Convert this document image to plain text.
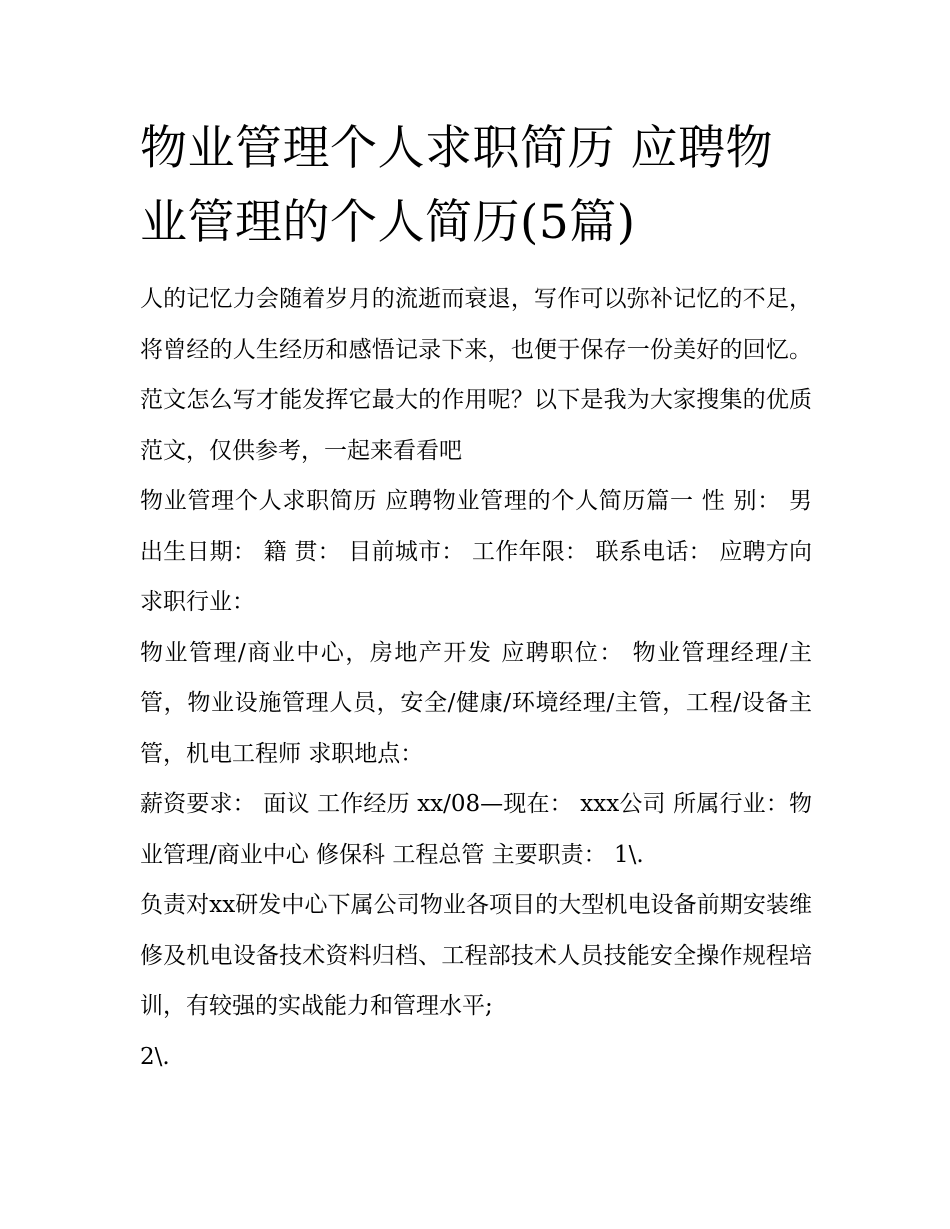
物业管理个人求职简历 应聘物业管理的个人简历(5篇)

人的记忆力会随着岁月的流逝而衰退，写作可以弥补记忆的不足，将曾经的人生经历和感悟记录下来，也便于保存一份美好的回忆。范文怎么写才能发挥它最大的作用呢？以下是我为大家搜集的优质范文，仅供参考，一起来看看吧

物业管理个人求职简历 应聘物业管理的个人简历篇一 性 别： 男 出生日期： 籍 贯： 目前城市： 工作年限： 联系电话： 应聘方向 求职行业：

物业管理/商业中心，房地产开发 应聘职位： 物业管理经理/主管，物业设施管理人员，安全/健康/环境经理/主管，工程/设备主管，机电工程师 求职地点：

薪资要求： 面议 工作经历 xx/08—现在： xxx公司 所属行业：物业管理/商业中心 修保科 工程总管 主要职责： 1\.

负责对xx研发中心下属公司物业各项目的大型机电设备前期安装维修及机电设备技术资料归档、工程部技术人员技能安全操作规程培训，有较强的实战能力和管理水平;

2\.
